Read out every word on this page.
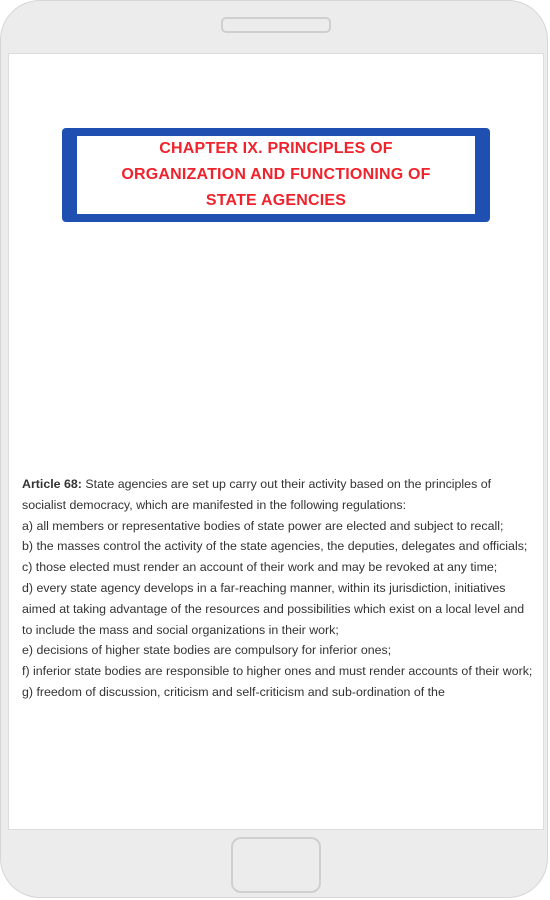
CHAPTER IX. PRINCIPLES OF
ORGANIZATION AND FUNCTIONING OF
STATE AGENCIES

Article 68: State agencies are set up carry out their activity based on the principles of socialist democracy, which are manifested in the following regulations:

a) all members or representative bodies of state power are elected and subject to recall;

b) the masses control the activity of the state agencies, the deputies, delegates and officials;

c) those elected must render an account of their work and may be revoked at any time;

d) every state agency develops in a far-reaching manner, within its jurisdiction, initiatives aimed at taking advantage of the resources and possibilities which exist on a local level and to include the mass and social organizations in their work;

e) decisions of higher state bodies are compulsory for inferior ones;

f) inferior state bodies are responsible to higher ones and must render accounts of their work;

g) freedom of discussion, criticism and self-criticism and sub-ordination of the
